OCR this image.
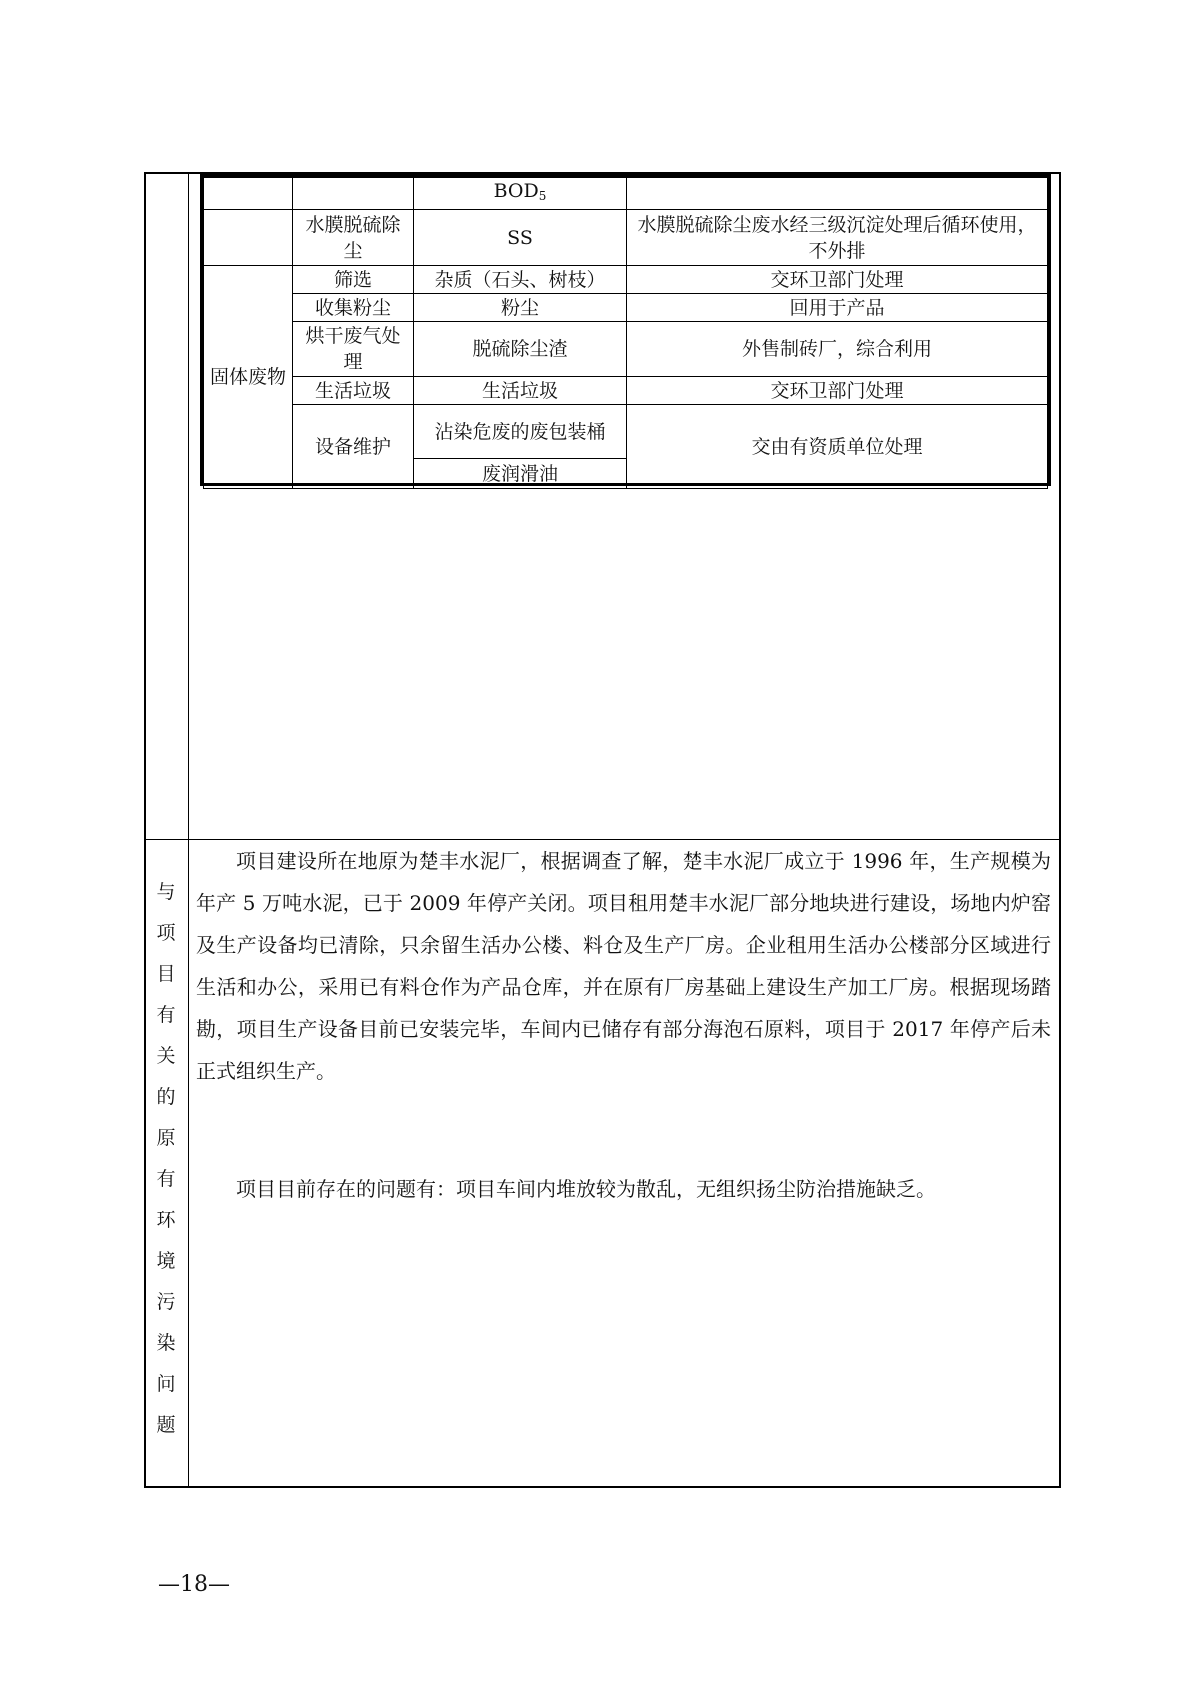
		$BOD_5$	
	水膜脱硫除尘	SS	水膜脱硫除尘废水经三级沉淀处理后循环使用，不外排
固体废物	筛选	杂质（石头、树枝）	交环卫部门处理
	收集粉尘	粉尘	回用于产品
	烘干废气处理	脱硫除尘渣	外售制砖厂，综合利用
	生活垃圾	生活垃圾	交环卫部门处理
	设备维护	沾染危废的废包装桶	交由有资质单位处理
		废润滑油	
与
项
目
有
关
的
原
有
环
境
污
染
问
题

项目建设所在地原为楚丰水泥厂，根据调查了解，楚丰水泥厂成立于 1996 年，生产规模为年产 5 万吨水泥，已于 2009 年停产关闭。项目租用楚丰水泥厂部分地块进行建设，场地内炉窑及生产设备均已清除，只余留生活办公楼、料仓及生产厂房。企业租用生活办公楼部分区域进行生活和办公，采用已有料仓作为产品仓库，并在原有厂房基础上建设生产加工厂房。根据现场踏勘，项目生产设备目前已安装完毕，车间内已储存有部分海泡石原料，项目于 2017 年停产后未正式组织生产。

项目目前存在的问题有：项目车间内堆放较为散乱，无组织扬尘防治措施缺乏。

—18—
